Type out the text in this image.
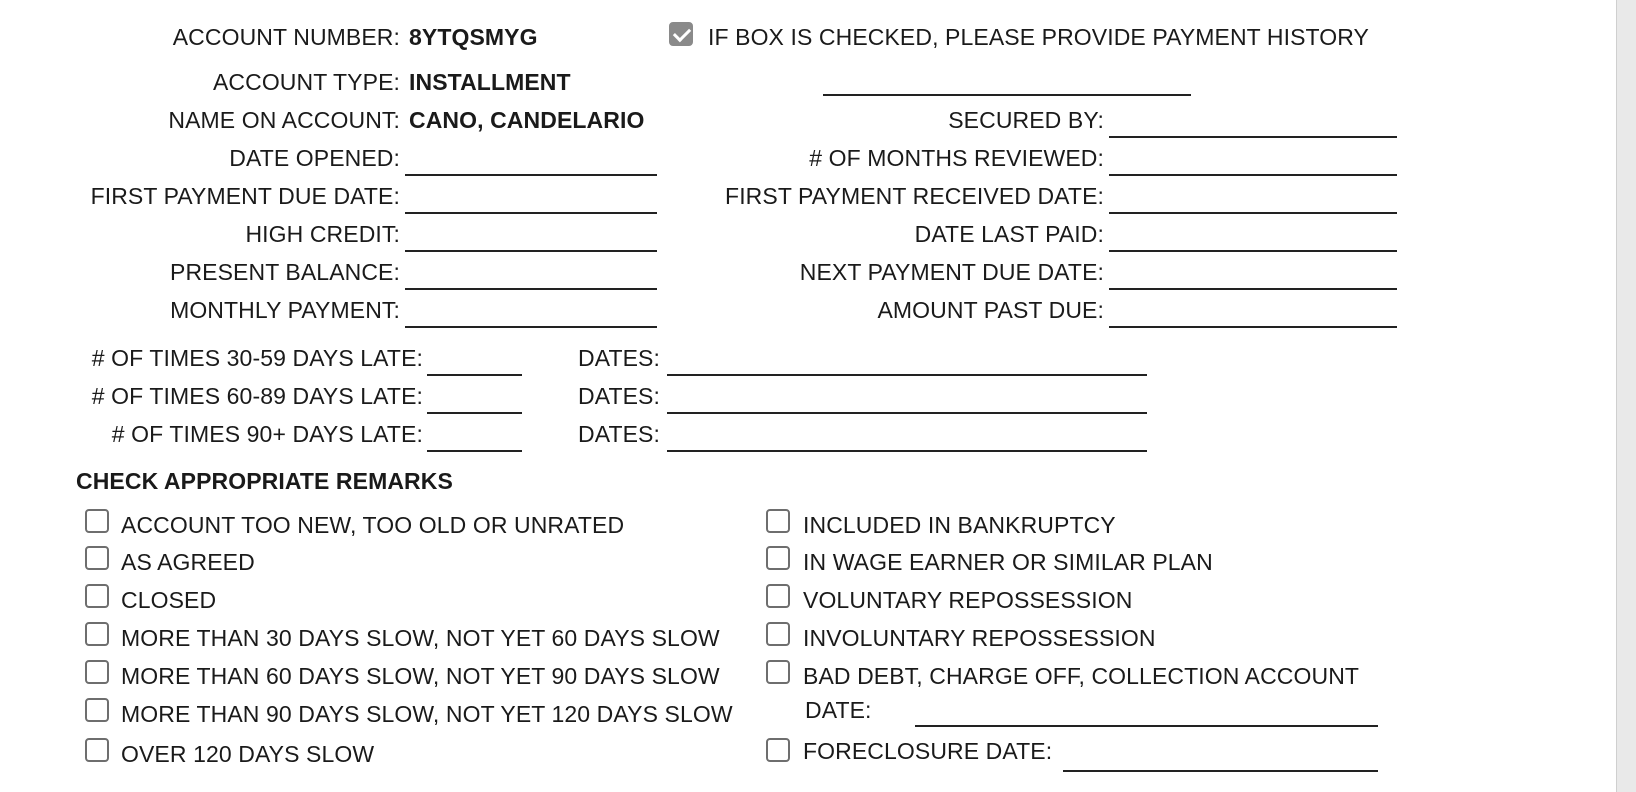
ACCOUNT NUMBER: 8YTQSMYG
ACCOUNT TYPE: INSTALLMENT
NAME ON ACCOUNT: CANO, CANDELARIO
IF BOX IS CHECKED, PLEASE PROVIDE PAYMENT HISTORY
DATE OPENED:
FIRST PAYMENT DUE DATE:
HIGH CREDIT:
PRESENT BALANCE:
MONTHLY PAYMENT:
SECURED BY:
# OF MONTHS REVIEWED:
FIRST PAYMENT RECEIVED DATE:
DATE LAST PAID:
NEXT PAYMENT DUE DATE:
AMOUNT PAST DUE:
# OF TIMES 30-59 DAYS LATE:	DATES:
# OF TIMES 60-89 DAYS LATE:	DATES:
# OF TIMES 90+ DAYS LATE:	DATES:
CHECK APPROPRIATE REMARKS
ACCOUNT TOO NEW, TOO OLD OR UNRATED
AS AGREED
CLOSED
MORE THAN 30 DAYS SLOW, NOT YET 60 DAYS SLOW
MORE THAN 60 DAYS SLOW, NOT YET 90 DAYS SLOW
MORE THAN 90 DAYS SLOW, NOT YET 120 DAYS SLOW
OVER 120 DAYS SLOW
INCLUDED IN BANKRUPTCY
IN WAGE EARNER OR SIMILAR PLAN
VOLUNTARY REPOSSESSION
INVOLUNTARY REPOSSESSION
BAD DEBT, CHARGE OFF, COLLECTION ACCOUNT
DATE:
FORECLOSURE DATE:
